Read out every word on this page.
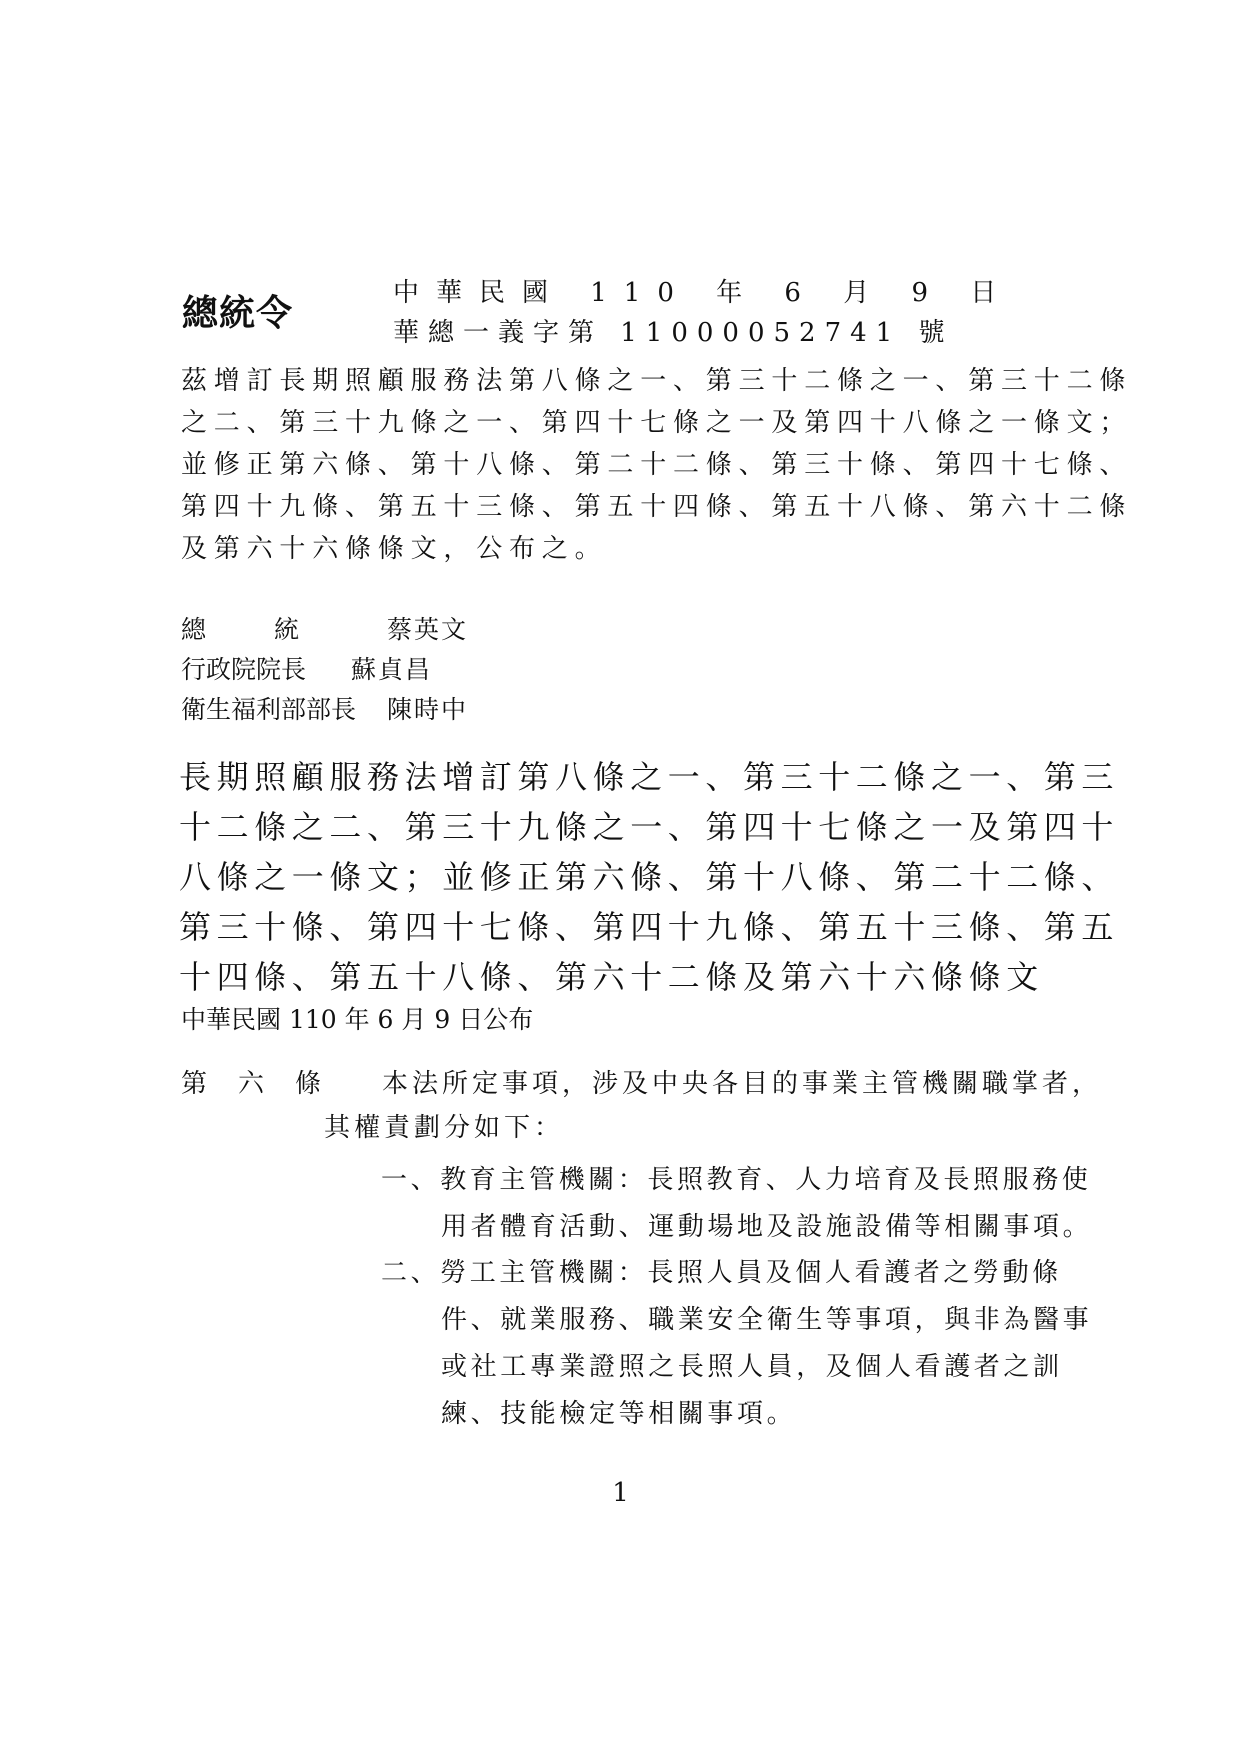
總統令	中華民國 110 年 6 月 9 日
華總一義字第 11000052741 號
茲增訂長期照顧服務法第八條之一、第三十二條之一、第三十二條
之二、第三十九條之一、第四十七條之一及第四十八條之一條文；
並修正第六條、第十八條、第二十二條、第三十條、第四十七條、
第四十九條、第五十三條、第五十四條、第五十八條、第六十二條
及第六十六條條文，公布之。
總	統	蔡英文
行政院院長	蘇貞昌
衛生福利部部長	陳時中
長期照顧服務法增訂第八條之一、第三十二條之一、第三
十二條之二、第三十九條之一、第四十七條之一及第四十
八條之一條文；並修正第六條、第十八條、第二十二條、
第三十條、第四十七條、第四十九條、第五十三條、第五
十四條、第五十八條、第六十二條及第六十六條條文
中華民國 110 年 6 月 9 日公布
第 六 條 本法所定事項，涉及中央各目的事業主管機關職掌者，
其權責劃分如下：
一、教育主管機關：長照教育、人力培育及長照服務使
用者體育活動、運動場地及設施設備等相關事項。
二、勞工主管機關：長照人員及個人看護者之勞動條
件、就業服務、職業安全衛生等事項，與非為醫事
或社工專業證照之長照人員，及個人看護者之訓
練、技能檢定等相關事項。
1
